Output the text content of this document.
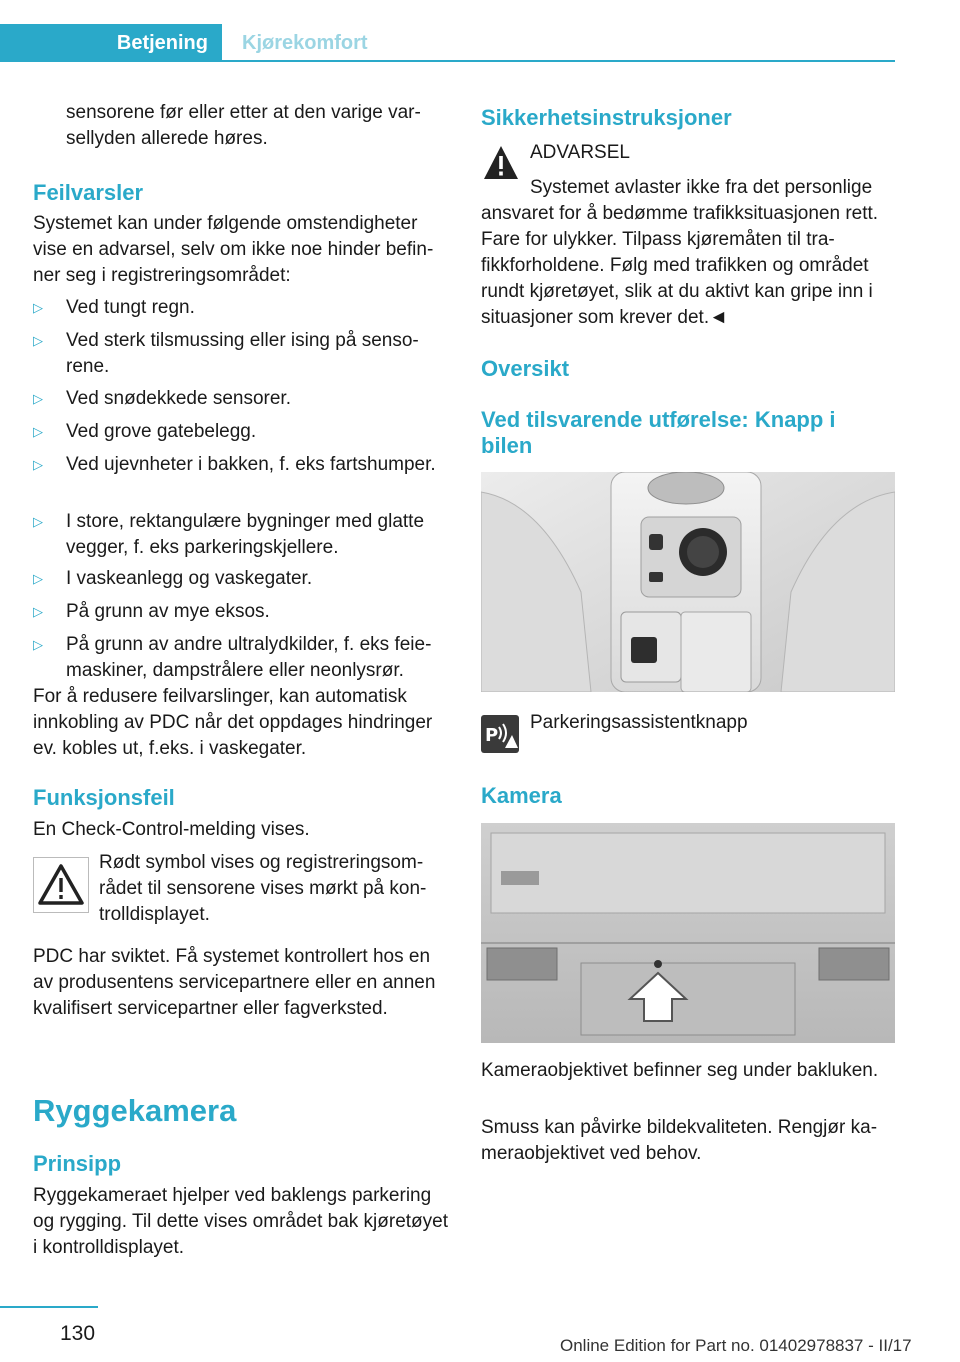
Betjening	Kjørekomfort
sensorene før eller etter at den varige varsellyden allerede høres.
Feilvarsler
Systemet kan under følgende omstendigheter vise en advarsel, selv om ikke noe hinder befinner seg i registreringsområdet:
▷	Ved tungt regn.
▷	Ved sterk tilsmussing eller ising på sensorene.
▷	Ved snødekkede sensorer.
▷	Ved grove gatebelegg.
▷	Ved ujevnheter i bakken, f. eks fartshumper.
▷	I store, rektangulære bygninger med glatte vegger, f. eks parkeringskjellere.
▷	I vaskeanlegg og vaskegater.
▷	På grunn av mye eksos.
▷	På grunn av andre ultralydkilder, f. eks feiemaskiner, dampstrålere eller neonlysrør.
For å redusere feilvarslinger, kan automatisk innkobling av PDC når det oppdages hindringer ev. kobles ut, f.eks. i vaskegater.
Funksjonsfeil
En Check-Control-melding vises.
Rødt symbol vises og registreringsområdet til sensorene vises mørkt på kontrolldisplayet.
PDC har sviktet. Få systemet kontrollert hos en av produsentens servicepartnere eller en annen kvalifisert servicepartner eller fagverksted.
Ryggekamera
Prinsipp
Ryggekameraet hjelper ved baklengs parkering og rygging. Til dette vises området bak kjøretøyet i kontrolldisplayet.
Sikkerhetsinstruksjoner
ADVARSEL
Systemet avlaster ikke fra det personlige ansvaret for å bedømme trafikksituasjonen rett. Fare for ulykker. Tilpass kjøremåten til trafikkforholdene. Følg med trafikken og området rundt kjøretøyet, slik at du aktivt kan gripe inn i situasjoner som krever det.◄
Oversikt
Ved tilsvarende utførelse: Knapp i bilen
P
Parkeringsassistentknapp
Kamera
Kameraobjektivet befinner seg under bakluken.
Smuss kan påvirke bildekvaliteten. Rengjør kameraobjektivet ved behov.
130
Online Edition for Part no. 01402978837 - II/17
